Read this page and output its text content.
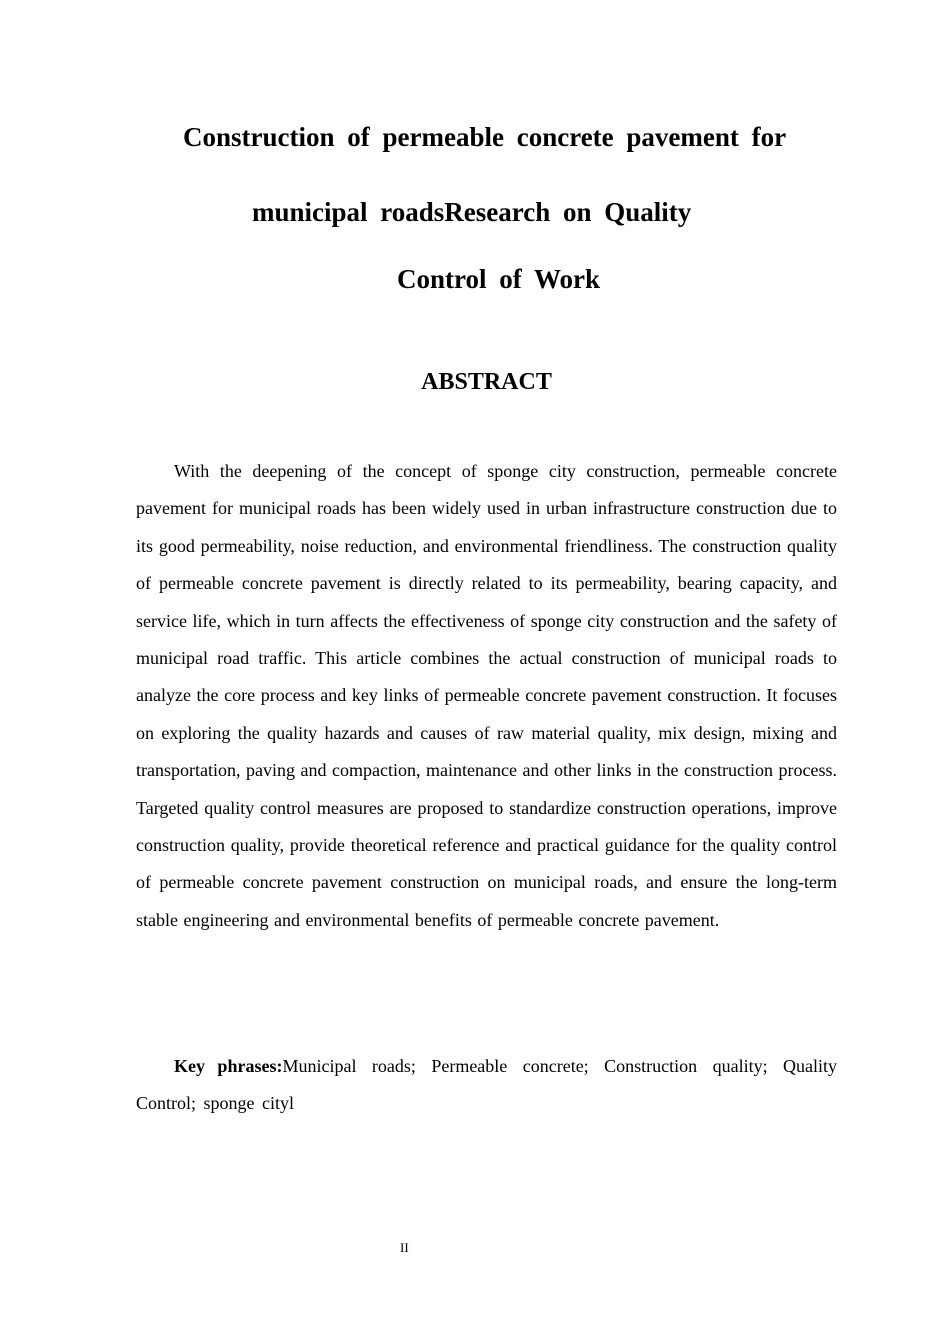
Construction of permeable concrete pavement for
municipal roadsResearch on Quality
Control of Work
ABSTRACT

With the deepening of the concept of sponge city construction, permeable concrete pavement for municipal roads has been widely used in urban infrastructure construction due to its good permeability, noise reduction, and environmental friendliness. The construction quality of permeable concrete pavement is directly related to its permeability, bearing capacity, and service life, which in turn affects the effectiveness of sponge city construction and the safety of municipal road traffic. This article combines the actual construction of municipal roads to analyze the core process and key links of permeable concrete pavement construction. It focuses on exploring the quality hazards and causes of raw material quality, mix design, mixing and transportation, paving and compaction, maintenance and other links in the construction process. Targeted quality control measures are proposed to standardize construction operations, improve construction quality, provide theoretical reference and practical guidance for the quality control of permeable concrete pavement construction on municipal roads, and ensure the long-term stable engineering and environmental benefits of permeable concrete pavement.

Key phrases:Municipal roads; Permeable concrete; Construction quality; Quality Control; sponge cityl

II
